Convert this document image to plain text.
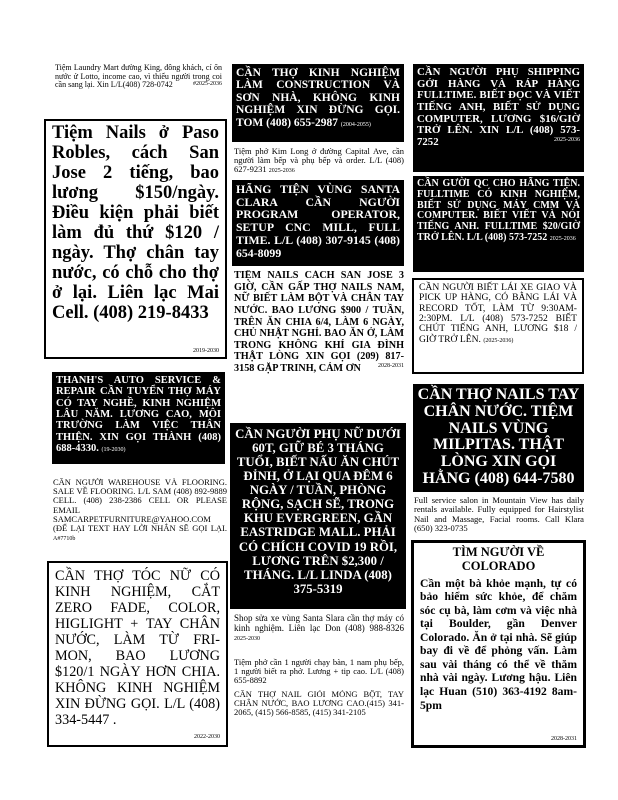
Tiệm Laundry Mart đường King, đông khách, cí ổn nước ử Lotto, income cao, vì thiếu người trong coi cần sang lại. Xin L/L(408) 728-0742	#2025-2036
Tiệm Nails ở Paso Robles, cách San Jose 2 tiếng, bao lương $150/ngày. Điều kiện phải biết làm đủ thứ $120 / ngày. Thợ chân tay nước, có chỗ cho thợ ở lại. Liên lạc Mai Cell. (408) 219-8433
2019-2030
THANH'S AUTO SERVICE & REPAIR CẦN TUYỂN THỢ MÁY CÓ TAY NGHỀ, KINH NGHIỆM LÂU NĂM. LƯƠNG CAO, MÔI TRƯỜNG LÀM VIỆC THÂN THIỆN. XIN GỌI THÀNH (408) 688-4330. (19-2030)
CẦN NGƯỜI WAREHOUSE VÀ FLOORING. SALE VỀ FLOORING. L/L SAM (408) 892-9889 CELL. (408) 238-2386 CELL OR PLEASE EMAIL SAMCARPETFURNITURE@YAHOO.COM (ĐỂ LẠI TEXT HAY LỜI NHẮN SẼ GỌI LẠI. A#7710b
CẦN THỢ TÓC NỮ CÓ KINH NGHIỆM, CẮT ZERO FADE, COLOR, HIGLIGHT + TAY CHÂN NƯỚC, LÀM TỪ FRI-MON, BAO LƯƠNG $120/1 NGÀY HƠN CHIA. KHÔNG KINH NGHIỆM XIN ĐỪNG GỌI. L/L (408) 334-5447 .
2022-2030
CẦN THỢ KINH NGHIỆM LÀM CONSTRUCTION VÀ SƠN NHÀ, KHÔNG KINH NGHIỆM XIN ĐỪNG GỌI. TOM (408) 655-2987 (2004-2055)
Tiệm phở Kim Long ở đường Capital Ave, cần người làm bếp và phụ bếp và order. L/L (408) 627-9231 2025-2036
HÃNG TIỆN VÙNG SANTA CLARA CẦN NGƯỜI PROGRAM OPERATOR, SETUP CNC MILL, FULL TIME. L/L (408) 307-9145 (408) 654-8099
TIỆM NAILS CÁCH SAN JOSE 3 GIỜ, CẦN GẤP THỢ NAILS NAM, NỮ BIẾT LÀM BỘT VÀ CHÂN TAY NƯỚC. BAO LƯƠNG $900 / TUẦN, TRÊN ĂN CHIA 6/4, LÀM 6 NGÀY, CHỦ NHẬT NGHỈ. BAO ĂN Ở, LÀM TRONG KHÔNG KHÍ GIA ĐÌNH THẬT LÒNG XIN GỌI (209) 817-3158 GẶP TRINH, CẢM ƠN	2028-2031
CẦN NGƯỜI PHỤ NỮ DƯỚI 60T, GIỮ BÉ 3 THÁNG TUỔI, BIẾT NẤU ĂN CHÚT ĐỈNH, Ở LẠI QUA ĐÊM 6 NGÀY / TUẦN, PHÒNG RỘNG, SẠCH SẼ, TRONG KHU EVERGREEN, GẦN EASTRIDGE MALL. PHẢI CÓ CHÍCH COVID 19 RỒI, LƯƠNG TRÊN $2,300 / THÁNG. L/L LINDA (408) 375-5319
Shop sửa xe vùng Santa Slara cần thợ máy có kinh nghiệm. Liên lạc Don (408) 988-8326 2025-2030
Tiệm phở cần 1 người chạy bàn, 1 nam phụ bếp, 1 người biết ra phở. Lương + tip cao. L/L (408) 655-8892
CẦN THỢ NAIL GIỎI MÓNG BỘT, TAY CHÂN NƯỚC, BAO LƯƠNG CAO.(415) 341-2065, (415) 566-8585, (415) 341-2105
CẦN NGƯỜI PHỤ SHIPPING GỞI HÀNG VÀ RÁP HÀNG FULLTIME. BIẾT ĐỌC VÀ VIẾT TIẾNG ANH, BIẾT SỬ DỤNG COMPUTER, LƯƠNG $16/GIỜ TRỞ LÊN. XIN L/L (408) 573-7252	2025-2036
CẦN GƯỜI QC CHO HÃNG TIỆN. FULLTIME CÓ KINH NGHIỆM, BIẾT SỬ DỤNG MÁY CMM VÀ COMPUTER. BIẾT VIẾT VÀ NÓI TIẾNG ANH. FULLTIME $20/GIỜ TRỞ LÊN. L/L (408) 573-7252 2025-2036
CẦN NGƯỜI BIẾT LÁI XE GIAO VÀ PICK UP HÀNG, CÓ BẰNG LÁI VÀ RECORD TỐT, LÀM TỪ 9:30AM-2:30PM. L/L (408) 573-7252 BIẾT CHÚT TIẾNG ANH, LƯƠNG $18 / GIỜ TRỞ LÊN. (2025-2036)
CẦN THỢ NAILS TAY CHÂN NƯỚC. TIỆM NAILS VÙNG MILPITAS. THẬT LÒNG XIN GỌI HẰNG (408) 644-7580
Full service salon in Mountain View has daily rentals available. Fully equipped for Hairstylist Nail and Massage, Facial rooms. Call Klara (650) 323-0735
TÌM NGƯỜI VỀ COLORADO
Cần một bà khỏe mạnh, tự có bảo hiểm sức khỏe, để chăm sóc cụ bà, làm cơm và việc nhà tại Boulder, gần Denver Colorado. Ăn ở tại nhà. Sẽ giúp bay đi về để phỏng vấn. Làm sau vài tháng có thể về thăm nhà vài ngày. Lương hậu. Liên lạc Huan (510) 363-4192 8am-5pm
2028-2031
